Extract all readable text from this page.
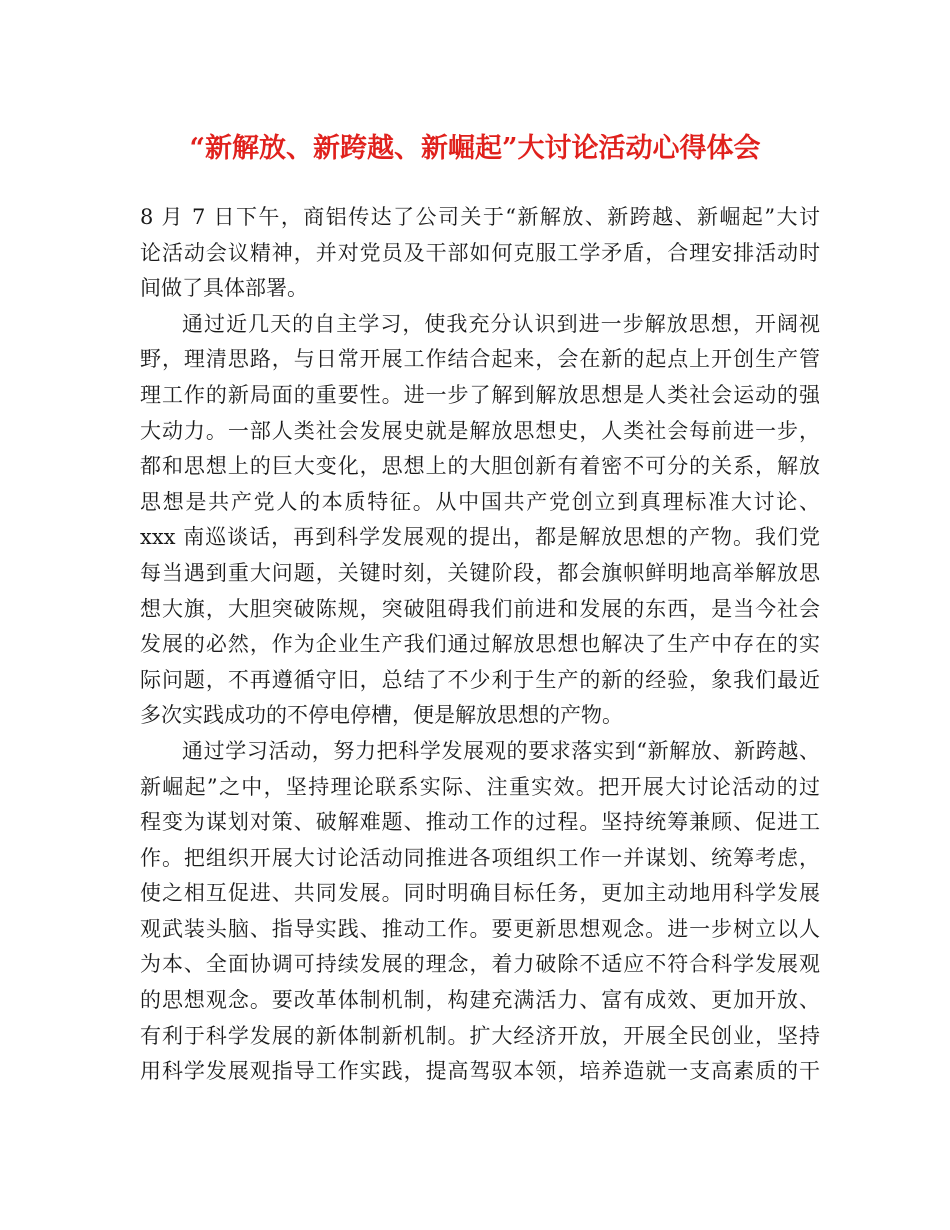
“新解放、新跨越、新崛起”大讨论活动心得体会
8 月 7 日下午，商铝传达了公司关于“新解放、新跨越、新崛起”大讨
论活动会议精神，并对党员及干部如何克服工学矛盾，合理安排活动时
间做了具体部署。
通过近几天的自主学习，使我充分认识到进一步解放思想，开阔视
野，理清思路，与日常开展工作结合起来，会在新的起点上开创生产管
理工作的新局面的重要性。进一步了解到解放思想是人类社会运动的强
大动力。一部人类社会发展史就是解放思想史，人类社会每前进一步，
都和思想上的巨大变化，思想上的大胆创新有着密不可分的关系，解放
思想是共产党人的本质特征。从中国共产党创立到真理标准大讨论、
xxx 南巡谈话，再到科学发展观的提出，都是解放思想的产物。我们党
每当遇到重大问题，关键时刻，关键阶段，都会旗帜鲜明地高举解放思
想大旗，大胆突破陈规，突破阻碍我们前进和发展的东西，是当今社会
发展的必然，作为企业生产我们通过解放思想也解决了生产中存在的实
际问题，不再遵循守旧，总结了不少利于生产的新的经验，象我们最近
多次实践成功的不停电停槽，便是解放思想的产物。
通过学习活动，努力把科学发展观的要求落实到“新解放、新跨越、
新崛起”之中，坚持理论联系实际、注重实效。把开展大讨论活动的过
程变为谋划对策、破解难题、推动工作的过程。坚持统筹兼顾、促进工
作。把组织开展大讨论活动同推进各项组织工作一并谋划、统筹考虑，
使之相互促进、共同发展。同时明确目标任务，更加主动地用科学发展
观武装头脑、指导实践、推动工作。要更新思想观念。进一步树立以人
为本、全面协调可持续发展的理念，着力破除不适应不符合科学发展观
的思想观念。要改革体制机制，构建充满活力、富有成效、更加开放、
有利于科学发展的新体制新机制。扩大经济开放，开展全民创业，坚持
用科学发展观指导工作实践，提高驾驭本领，培养造就一支高素质的干
